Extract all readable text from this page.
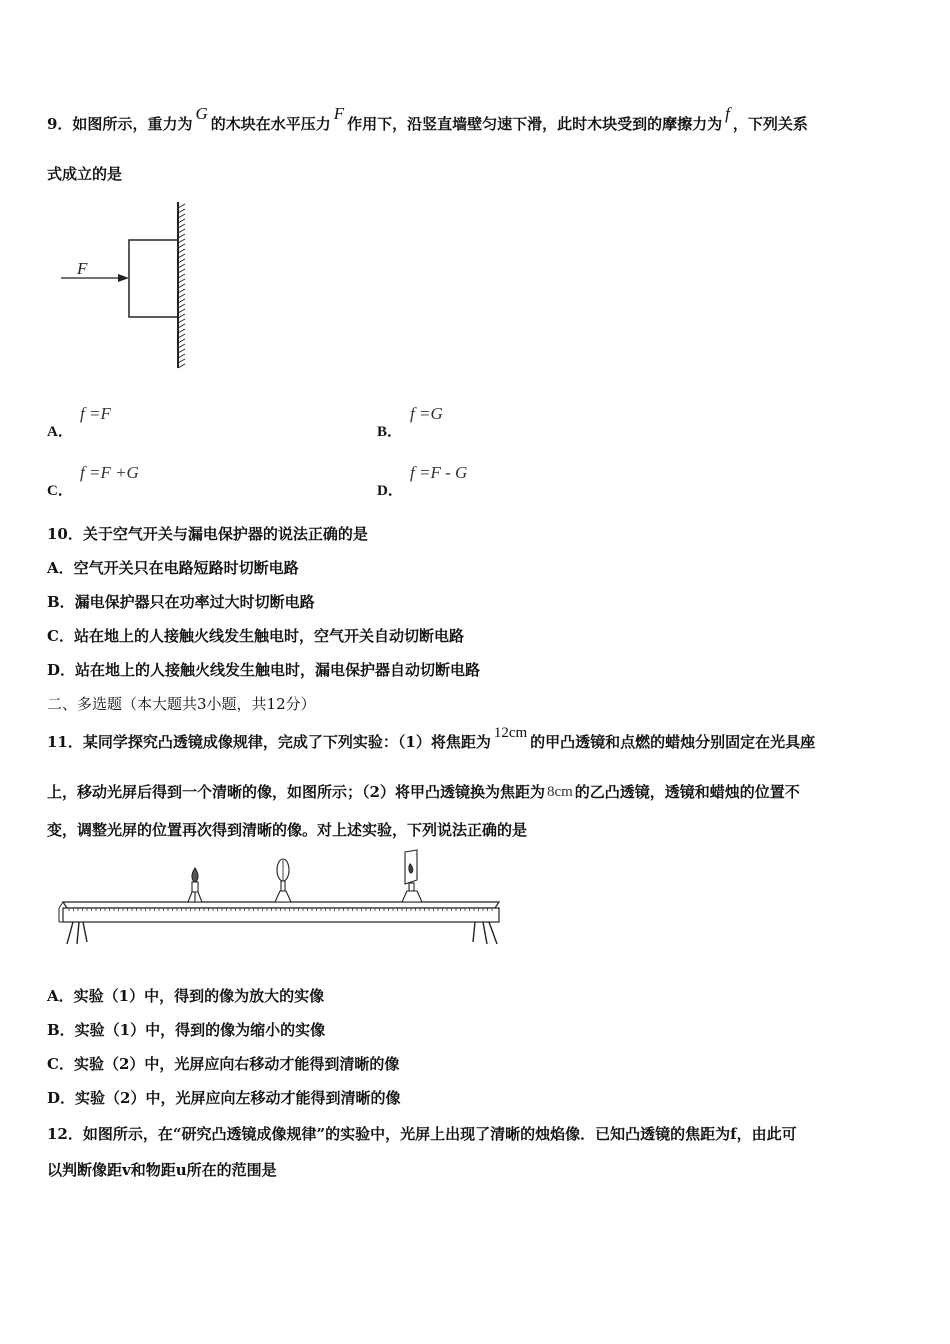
9．如图所示，重力为G的木块在水平压力F作用下，沿竖直墙壁匀速下滑，此时木块受到的摩擦力为f，下列关系
式成立的是
F
A．
f =F
B．
f =G
C．
f =F +G
D．
f =F - G
10．关于空气开关与漏电保护器的说法正确的是
A．空气开关只在电路短路时切断电路
B．漏电保护器只在功率过大时切断电路
C．站在地上的人接触火线发生触电时，空气开关自动切断电路
D．站在地上的人接触火线发生触电时，漏电保护器自动切断电路
二、多选题（本大题共3小题，共12分）
11．某同学探究凸透镜成像规律，完成了下列实验：（1）将焦距为 12cm 的甲凸透镜和点燃的蜡烛分别固定在光具座
上，移动光屏后得到一个清晰的像，如图所示；（2）将甲凸透镜换为焦距为 8cm 的乙凸透镜，透镜和蜡烛的位置不
变，调整光屏的位置再次得到清晰的像。对上述实验，下列说法正确的是
A．实验（1）中，得到的像为放大的实像
B．实验（1）中，得到的像为缩小的实像
C．实验（2）中，光屏应向右移动才能得到清晰的像
D．实验（2）中，光屏应向左移动才能得到清晰的像
12．如图所示，在“研究凸透镜成像规律”的实验中，光屏上出现了清晰的烛焰像．已知凸透镜的焦距为f，由此可
以判断像距v和物距u所在的范围是
